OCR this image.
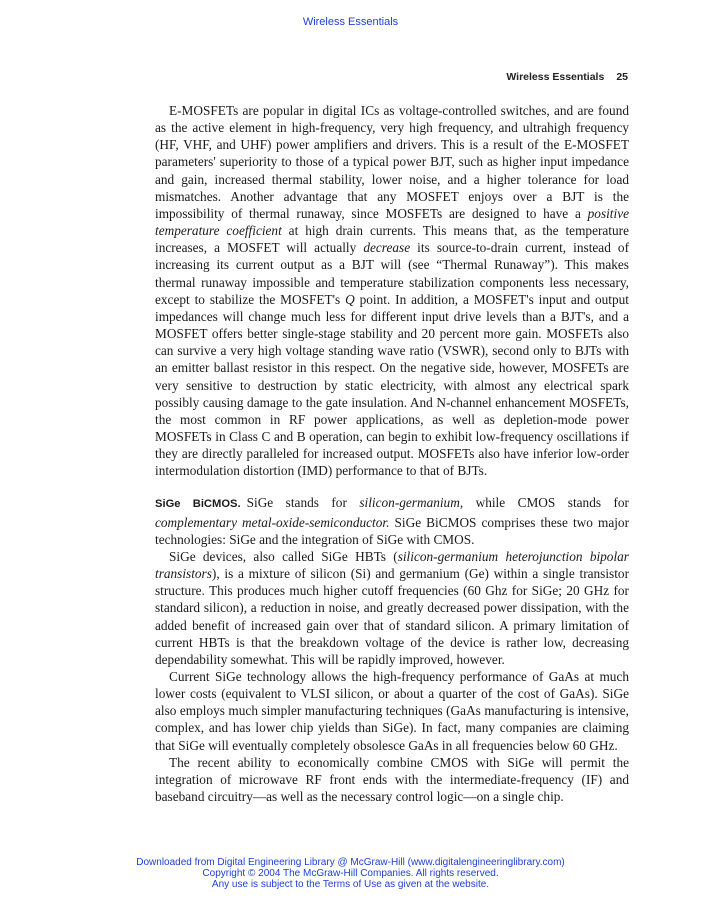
Wireless Essentials
Wireless Essentials 25

E-MOSFETs are popular in digital ICs as voltage-controlled switches, and are found as the active element in high-frequency, very high frequency, and ultrahigh frequency (HF, VHF, and UHF) power amplifiers and drivers. This is a result of the E-MOSFET parameters' superiority to those of a typical power BJT, such as higher input impedance and gain, increased thermal stability, lower noise, and a higher tolerance for load mismatches. Another advantage that any MOSFET enjoys over a BJT is the impossibility of thermal runaway, since MOSFETs are designed to have a positive temperature coefficient at high drain currents. This means that, as the temperature increases, a MOSFET will actually decrease its source-to-drain current, instead of increasing its current output as a BJT will (see “Thermal Runaway”). This makes thermal runaway impossible and temperature stabilization components less necessary, except to stabilize the MOSFET's Q point. In addition, a MOSFET's input and output impedances will change much less for different input drive levels than a BJT's, and a MOSFET offers better single-stage stability and 20 percent more gain. MOSFETs also can survive a very high voltage standing wave ratio (VSWR), second only to BJTs with an emitter ballast resistor in this respect. On the negative side, however, MOSFETs are very sensitive to destruction by static electricity, with almost any electrical spark possibly causing damage to the gate insulation. And N-channel enhancement MOSFETs, the most common in RF power applications, as well as depletion-mode power MOSFETs in Class C and B operation, can begin to exhibit low-frequency oscillations if they are directly paralleled for increased output. MOSFETs also have inferior low-order intermodulation distortion (IMD) performance to that of BJTs.

SiGe BiCMOS. SiGe stands for silicon-germanium, while CMOS stands for complementary metal-oxide-semiconductor. SiGe BiCMOS comprises these two major technologies: SiGe and the integration of SiGe with CMOS.

SiGe devices, also called SiGe HBTs (silicon-germanium heterojunction bipolar transistors), is a mixture of silicon (Si) and germanium (Ge) within a single transistor structure. This produces much higher cutoff frequencies (60 Ghz for SiGe; 20 GHz for standard silicon), a reduction in noise, and greatly decreased power dissipation, with the added benefit of increased gain over that of standard silicon. A primary limitation of current HBTs is that the breakdown voltage of the device is rather low, decreasing dependability somewhat. This will be rapidly improved, however.

Current SiGe technology allows the high-frequency performance of GaAs at much lower costs (equivalent to VLSI silicon, or about a quarter of the cost of GaAs). SiGe also employs much simpler manufacturing techniques (GaAs manufacturing is intensive, complex, and has lower chip yields than SiGe). In fact, many companies are claiming that SiGe will eventually completely obsolesce GaAs in all frequencies below 60 GHz.

The recent ability to economically combine CMOS with SiGe will permit the integration of microwave RF front ends with the intermediate-frequency (IF) and baseband circuitry—as well as the necessary control logic—on a single chip.

Downloaded from Digital Engineering Library @ McGraw-Hill (www.digitalengineeringlibrary.com)
Copyright © 2004 The McGraw-Hill Companies. All rights reserved.
Any use is subject to the Terms of Use as given at the website.
